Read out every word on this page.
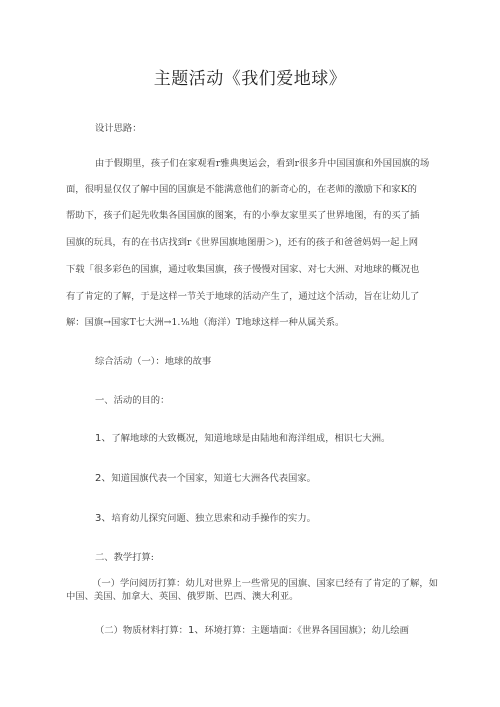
主题活动《我们爱地球》
设计思路：
由于假期里，孩子们在家观看r雅典奥运会，看到r很多升中国国旗和外国国旗的场
面，很明显仅仅了解中国的国旗是不能满意他们的新奇心的，在老师的激励下和家K的
帮助下，孩子们起先收集各国国旗的图案，有的小拳友家里买了世界地图，有的买了插
国旗的玩具，有的在书店找到r《世界国旗地图册＞)，还有的孩子和爸爸妈妈一起上网
下载「很多彩色的国旗，通过收集国旗，孩子慢慢对国家、对七大洲、对地球的概况也
有了肯定的了解，于是这样一节关于地球的活动产生了，通过这个活动，旨在让幼儿了
解：国旗→国家T七大洲→1.⅛地（海洋）T地球这样一种从属关系。
综合活动（一）：地球的故事
一、活动的目的：
1、了解地球的大致概况，知道地球是由陆地和海洋组成，相识七大洲。
2、知道国旗代表一个国家，知道七大洲各代表国家。
3、培育幼儿探究问题、独立思索和动手操作的实力。
二、教学打算:
（一）学问阅历打算：幼儿对世界上一些常见的国旗、国家已经有了肯定的了解，如中国、美国、加拿大、英国、俄罗斯、巴西、澳大利亚。
（二）物质材料打算：1、环境打算：主题墙面：《世界各国国旗》；幼儿绘画
